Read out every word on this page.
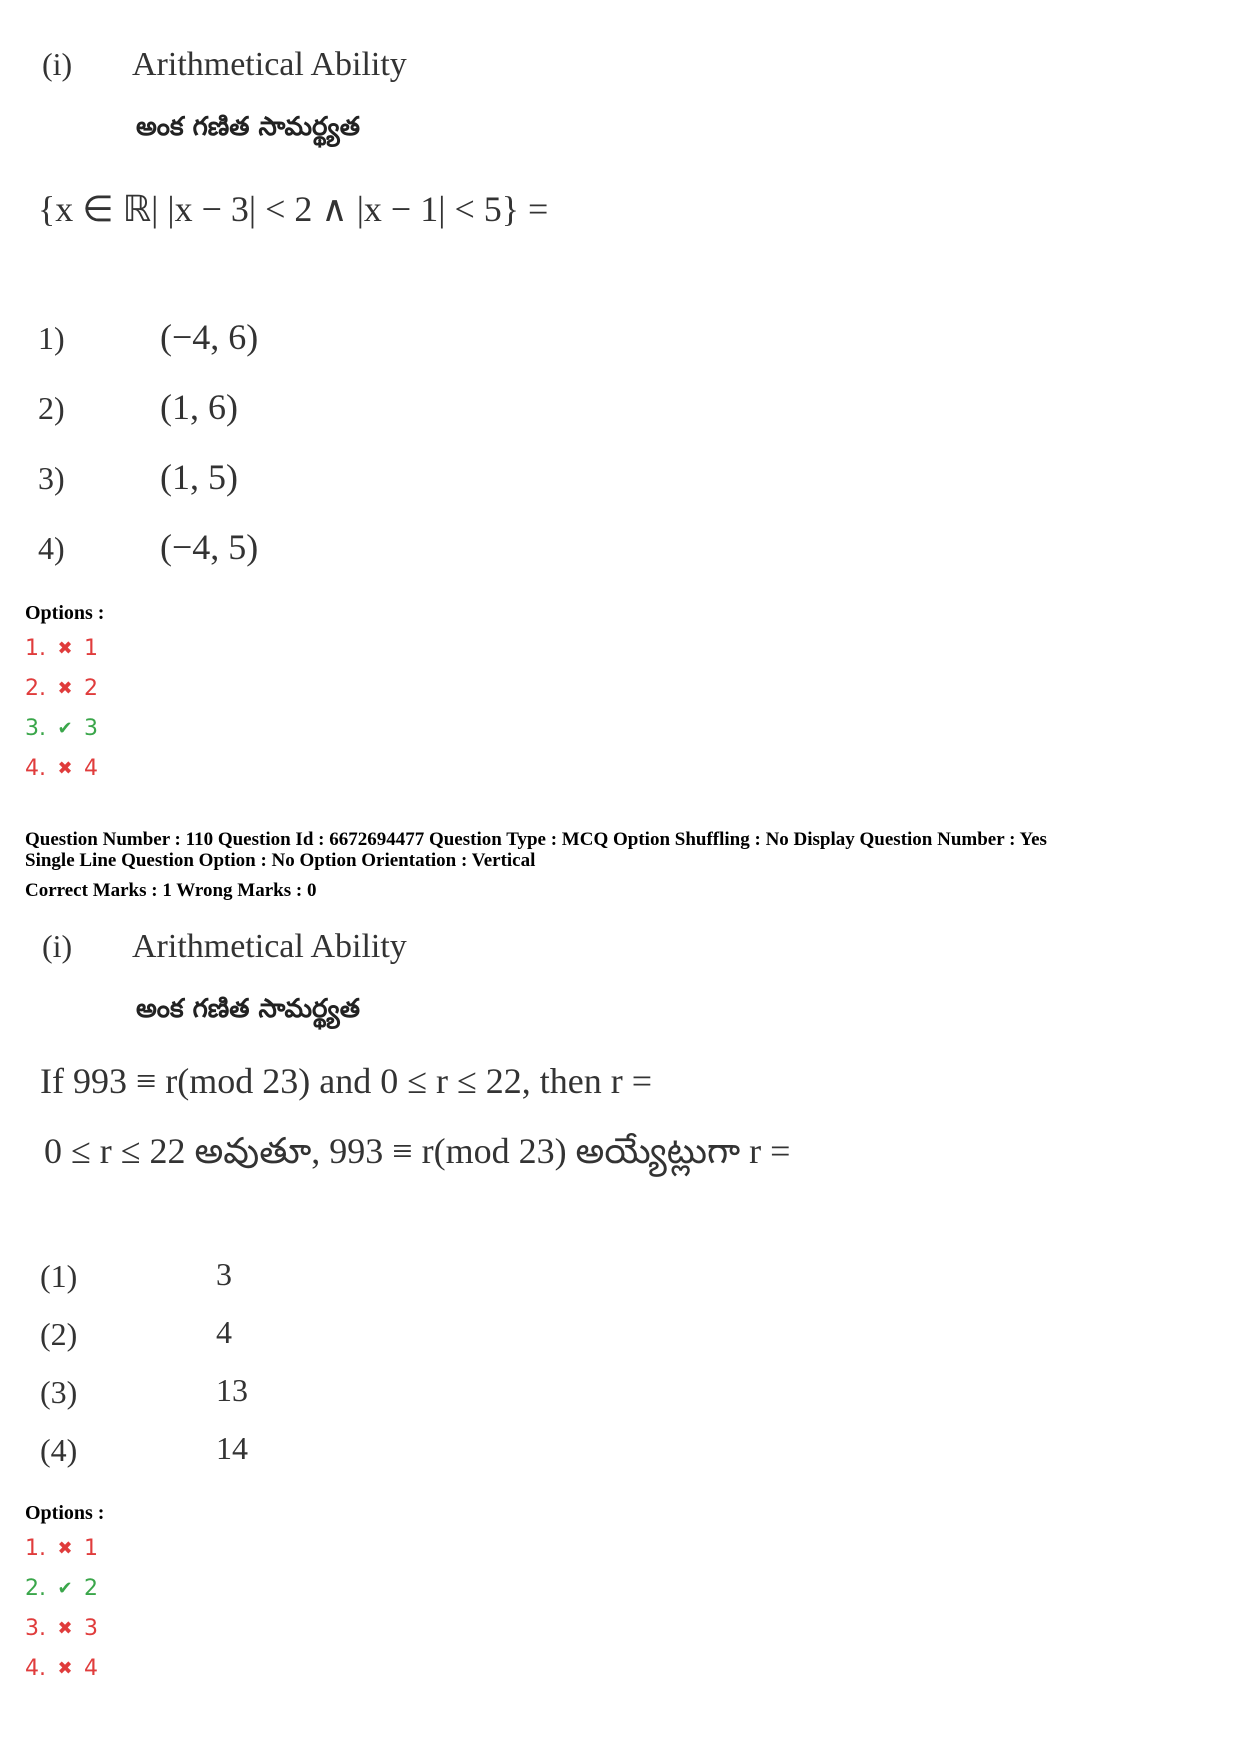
(i) Arithmetical Ability
అంక గణిత సామర్థ్యత
{x ∈ ℝ| |x − 3| < 2 ∧ |x − 1| < 5} =
1)	(−4, 6)
2)	(1, 6)
3)	(1, 5)
4)	(−4, 5)
Options :
1. ✖ 1
2. ✖ 2
3. ✔ 3
4. ✖ 4
Question Number : 110 Question Id : 6672694477 Question Type : MCQ Option Shuffling : No Display Question Number : Yes
Single Line Question Option : No Option Orientation : Vertical
Correct Marks : 1 Wrong Marks : 0
(i) Arithmetical Ability
అంక గణిత సామర్థ్యత
If 993 ≡ r(mod 23) and 0 ≤ r ≤ 22, then r =
0 ≤ r ≤ 22 అవుతూ, 993 ≡ r(mod 23) అయ్యేట్లుగా r =
(1)	3
(2)	4
(3)	13
(4)	14
Options :
1. ✖ 1
2. ✔ 2
3. ✖ 3
4. ✖ 4
